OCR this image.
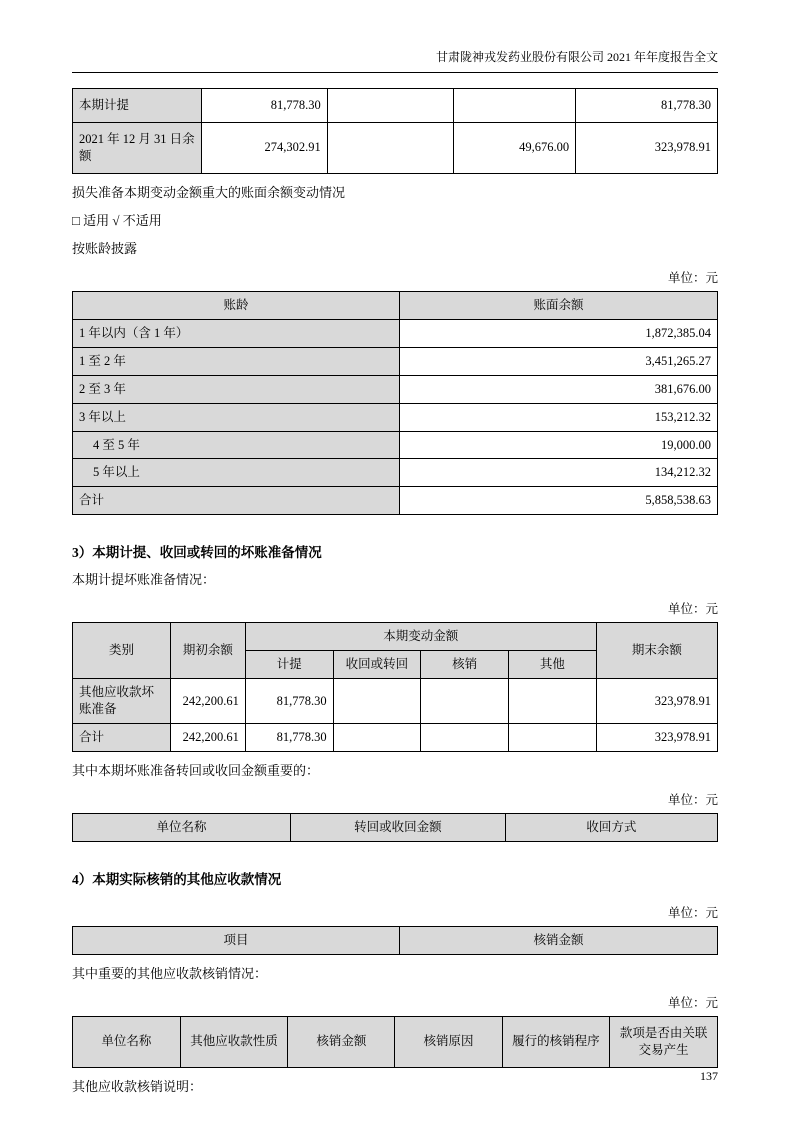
甘肃陇神戎发药业股份有限公司 2021 年年度报告全文
本期计提	81,778.30			81,778.30
2021 年 12 月 31 日余额	274,302.91		49,676.00	323,978.91

损失准备本期变动金额重大的账面余额变动情况

□ 适用 √ 不适用

按账龄披露

单位：元
账龄	账面余额
1 年以内（含 1 年）	1,872,385.04
1 至 2 年	3,451,265.27
2 至 3 年	381,676.00
3 年以上	153,212.32
4 至 5 年	19,000.00
5 年以上	134,212.32
合计	5,858,538.63
3）本期计提、收回或转回的坏账准备情况

本期计提坏账准备情况：

单位：元
类别	期初余额	本期变动金额				期末余额
		计提	收回或转回	核销	其他	
其他应收款坏账准备	242,200.61	81,778.30				323,978.91
合计	242,200.61	81,778.30				323,978.91

其中本期坏账准备转回或收回金额重要的：

单位：元
单位名称	转回或收回金额	收回方式
4）本期实际核销的其他应收款情况
单位：元
项目	核销金额

其中重要的其他应收款核销情况：

单位：元
单位名称	其他应收款性质	核销金额	核销原因	履行的核销程序	款项是否由关联交易产生

其他应收款核销说明：

137
